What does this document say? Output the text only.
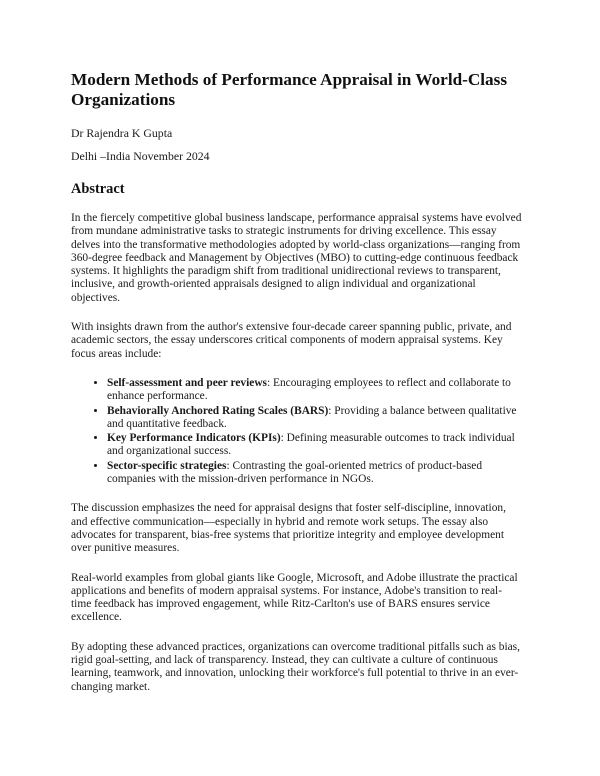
Modern Methods of Performance Appraisal in World-Class Organizations
Dr Rajendra K Gupta
Delhi –India November 2024
Abstract

In the fiercely competitive global business landscape, performance appraisal systems have evolved from mundane administrative tasks to strategic instruments for driving excellence. This essay delves into the transformative methodologies adopted by world-class organizations—ranging from 360-degree feedback and Management by Objectives (MBO) to cutting-edge continuous feedback systems. It highlights the paradigm shift from traditional unidirectional reviews to transparent, inclusive, and growth-oriented appraisals designed to align individual and organizational objectives.

With insights drawn from the author's extensive four-decade career spanning public, private, and academic sectors, the essay underscores critical components of modern appraisal systems. Key focus areas include:

• Self-assessment and peer reviews: Encouraging employees to reflect and collaborate to enhance performance.
• Behaviorally Anchored Rating Scales (BARS): Providing a balance between qualitative and quantitative feedback.
• Key Performance Indicators (KPIs): Defining measurable outcomes to track individual and organizational success.
• Sector-specific strategies: Contrasting the goal-oriented metrics of product-based companies with the mission-driven performance in NGOs.

The discussion emphasizes the need for appraisal designs that foster self-discipline, innovation, and effective communication—especially in hybrid and remote work setups. The essay also advocates for transparent, bias-free systems that prioritize integrity and employee development over punitive measures.

Real-world examples from global giants like Google, Microsoft, and Adobe illustrate the practical applications and benefits of modern appraisal systems. For instance, Adobe's transition to real-time feedback has improved engagement, while Ritz-Carlton's use of BARS ensures service excellence.

By adopting these advanced practices, organizations can overcome traditional pitfalls such as bias, rigid goal-setting, and lack of transparency. Instead, they can cultivate a culture of continuous learning, teamwork, and innovation, unlocking their workforce's full potential to thrive in an ever-changing market.
